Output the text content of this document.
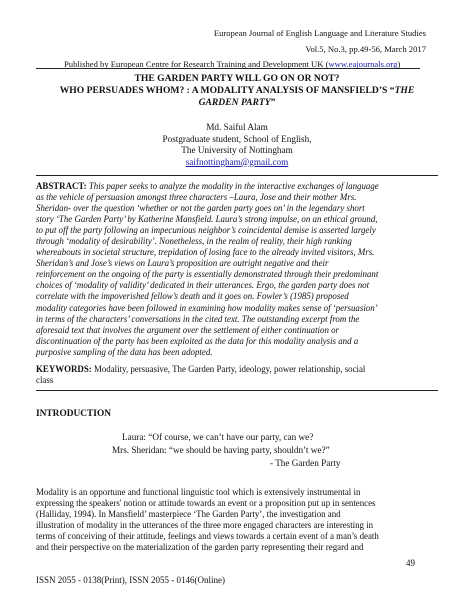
European Journal of English Language and Literature Studies
Vol.5, No.3, pp.49-56, March 2017
Published by European Centre for Research Training and Development UK (www.eajournals.org)
THE GARDEN PARTY WILL GO ON OR NOT?
WHO PERSUADES WHOM? : A MODALITY ANALYSIS OF MANSFIELD’S “THE
GARDEN PARTY”
Md. Saiful Alam
Postgraduate student, School of English,
The University of Nottingham
saifnottingham@gmail.com
ABSTRACT: This paper seeks to analyze the modality in the interactive exchanges of language
as the vehicle of persuasion amongst three characters –Laura, Jose and their mother Mrs.
Sheridan- over the question ‘whether or not the garden party goes on’ in the legendary short
story ‘The Garden Party’ by Katherine Mansfield. Laura’s strong impulse, on an ethical ground,
to put off the party following an impecunious neighbor’s coincidental demise is asserted largely
through ‘modality of desirability’. Nonetheless, in the realm of reality, their high ranking
whereabouts in societal structure, trepidation of losing face to the already invited visitors, Mrs.
Sheridan’s and Jose’s views on Laura’s proposition are outright negative and their
reinforcement on the ongoing of the party is essentially demonstrated through their predominant
choices of ‘modality of validity’ dedicated in their utterances. Ergo, the garden party does not
correlate with the impoverished fellow’s death and it goes on. Fowler’s (1985) proposed
modality categories have been followed in examining how modality makes sense of ‘persuasion’
in terms of the characters’ conversations in the cited text. The outstanding excerpt from the
aforesaid text that involves the argument over the settlement of either continuation or
discontinuation of the party has been exploited as the data for this modality analysis and a
purposive sampling of the data has been adopted.
KEYWORDS: Modality, persuasive, The Garden Party, ideology, power relationship, social
class
INTRODUCTION
Laura: “Of course, we can’t have our party, can we?
Mrs. Sheridan: “we should be having party, shouldn’t we?”
- The Garden Party
Modality is an opportune and functional linguistic tool which is extensively instrumental in
expressing the speakers' notion or attitude towards an event or a proposition put up in sentences
(Halliday, 1994). In Mansfield’ masterpiece ‘The Garden Party’, the investigation and
illustration of modality in the utterances of the three more engaged characters are interesting in
terms of conceiving of their attitude, feelings and views towards a certain event of a man’s death
and their perspective on the materialization of the garden party representing their regard and
49
ISSN 2055 - 0138(Print), ISSN 2055 - 0146(Online)
